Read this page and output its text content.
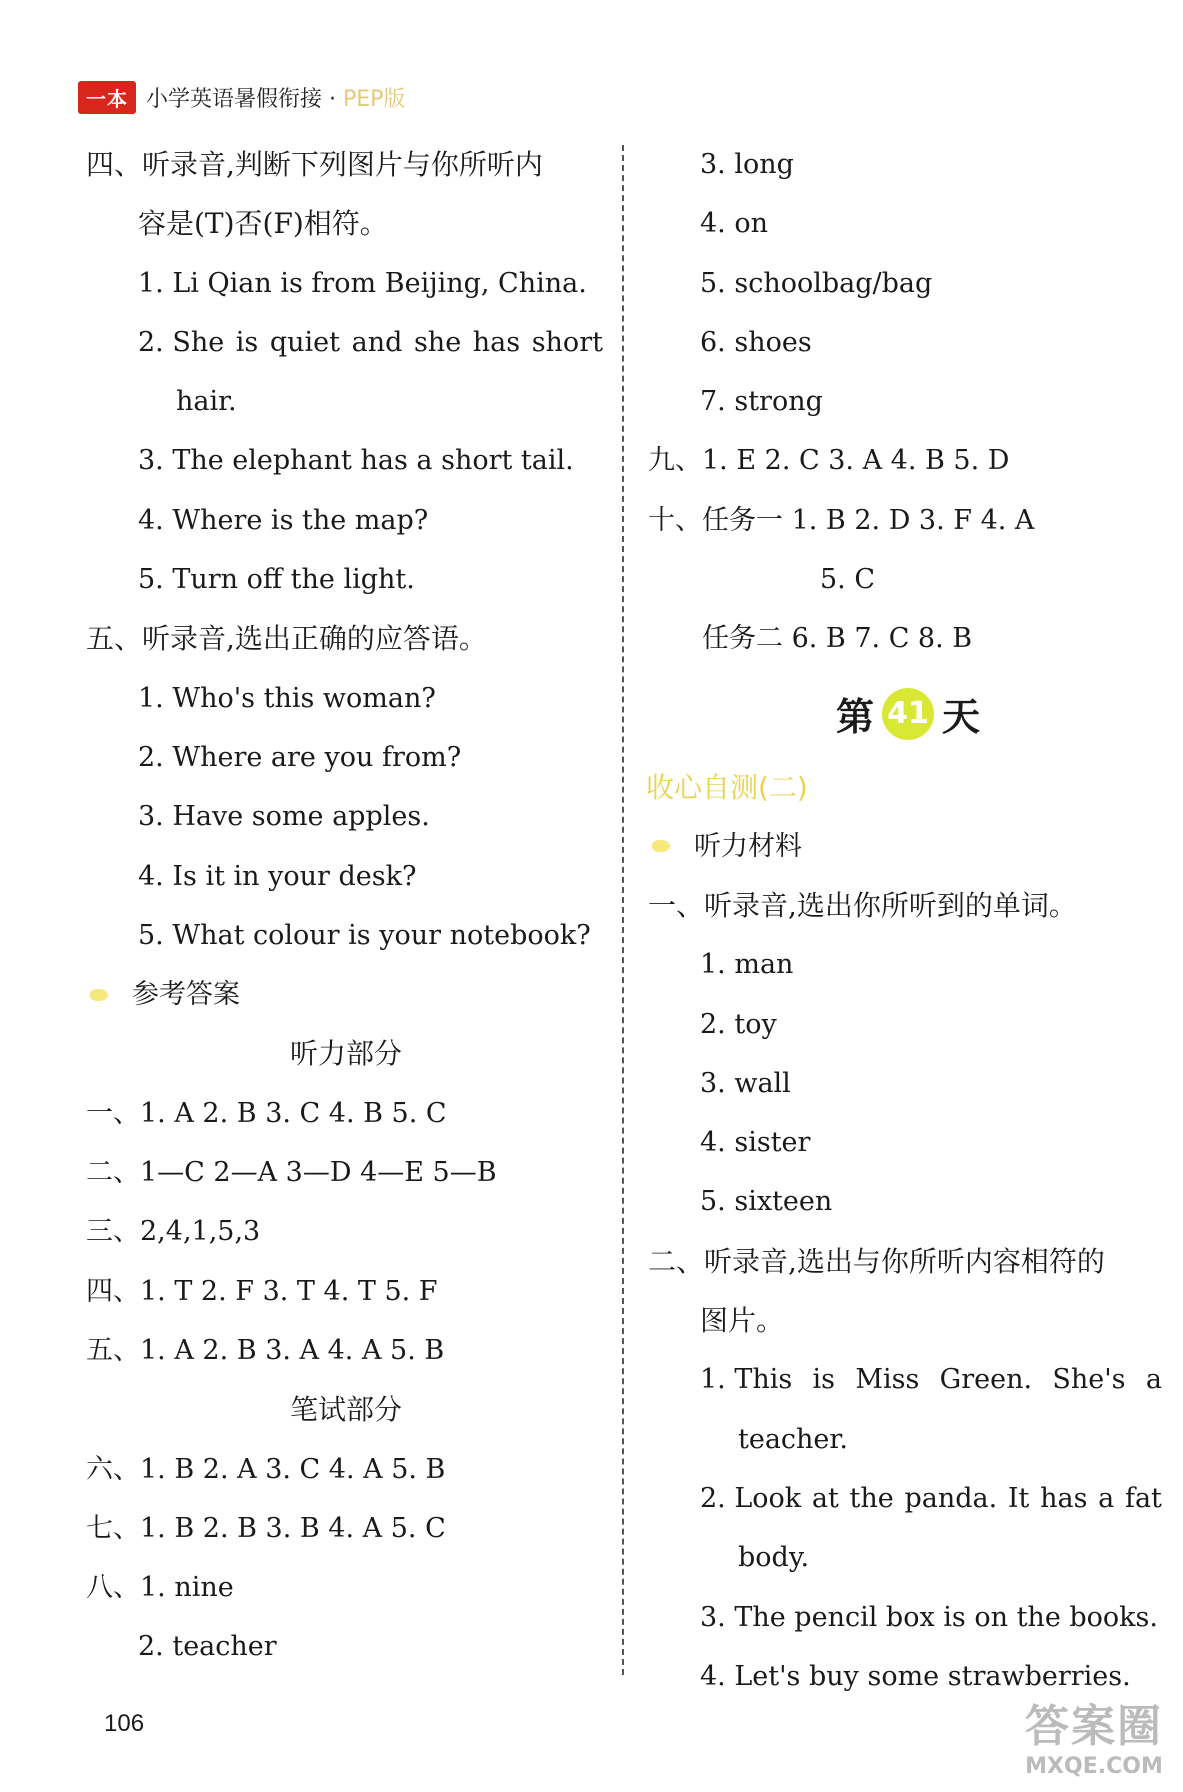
一本 小学英语暑假衔接 · PEP版
四、听录音,判断下列图片与你所听内
容是(T)否(F)相符。
1. Li Qian is from Beijing, China.
2. She is quiet and she has short
hair.
3. The elephant has a short tail.
4. Where is the map?
5. Turn off the light.
五、听录音,选出正确的应答语。
1. Who's this woman?
2. Where are you from?
3. Have some apples.
4. Is it in your desk?
5. What colour is your notebook?
参考答案
听力部分
一、1. A 2. B 3. C 4. B 5. C
二、1—C 2—A 3—D 4—E 5—B
三、2,4,1,5,3
四、1. T 2. F 3. T 4. T 5. F
五、1. A 2. B 3. A 4. A 5. B
笔试部分
六、1. B 2. A 3. C 4. A 5. B
七、1. B 2. B 3. B 4. A 5. C
八、1. nine
2. teacher
3. long
4. on
5. schoolbag/bag
6. shoes
7. strong
九、1. E 2. C 3. A 4. B 5. D
十、任务一 1. B 2. D 3. F 4. A
5. C
任务二 6. B 7. C 8. B
第 41 天
收心自测(二)
听力材料
一、听录音,选出你所听到的单词。
1. man
2. toy
3. wall
4. sister
5. sixteen
二、听录音,选出与你所听内容相符的
图片。
1. This is Miss Green. She's a
teacher.
2. Look at the panda. It has a fat
body.
3. The pencil box is on the books.
4. Let's buy some strawberries.
106	答案圈
MXQE.COM
